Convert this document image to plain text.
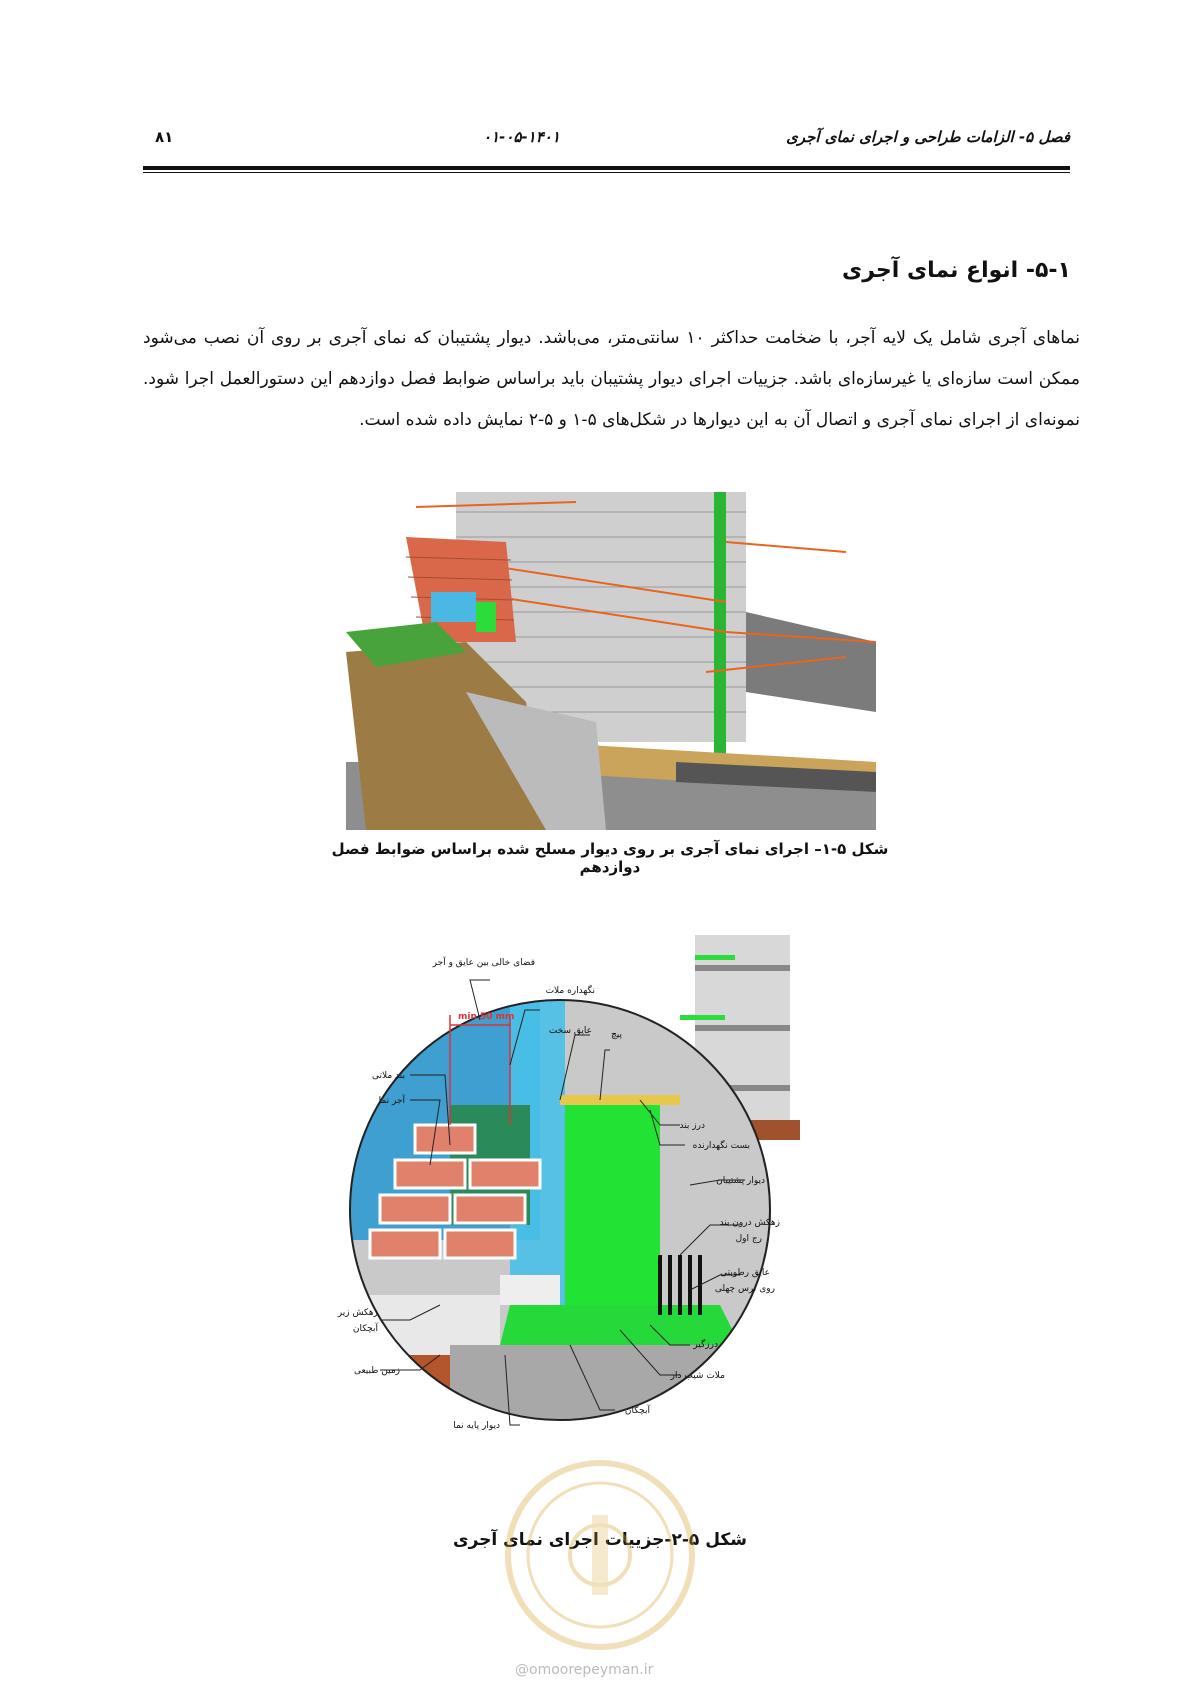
فصل ۵- الزامات طراحی و اجرای نمای آجری
۰۱-۰۵-۱۴۰۱
۸۱
۵-۱- انواع نمای آجری
نماهای آجری شامل یک لایه آجر، با ضخامت حداکثر ۱۰ سانتی‌متر، می‌باشد. دیوار پشتیبان که نمای آجری بر روی آن نصب می‌شود ممکن است سازه‌ای یا غیرسازه‌ای باشد. جزییات اجرای دیوار پشتیبان باید براساس ضوابط فصل دوازدهم این دستورالعمل اجرا شود. نمونه‌ای از اجرای نمای آجری و اتصال آن به این دیوارها در شکل‌های ۵-۱ و ۵-۲ نمایش داده شده است.
شکل ۵-۱– اجرای نمای آجری بر روی دیوار مسلح شده براساس ضوابط فصل دوازدهم
min 50 mm
فضای خالی بین عایق و آجر
نگهداره ملات
عایق سخت پیچ
بند ملاتی
آجر نما
درز بند
بست نگهدارنده
دیوار پشتیبان
زهکش درون بند
رج اول
عایق رطوبتی
روی ترس چهلی
زهکش زیر
آبچکان
زمین طبیعی
درزگیر
ملات شیب دار
آبچکان
دیوار پایه نما
شکل ۵-۲-جزییات اجرای نمای آجری
@omoorepeyman.ir
